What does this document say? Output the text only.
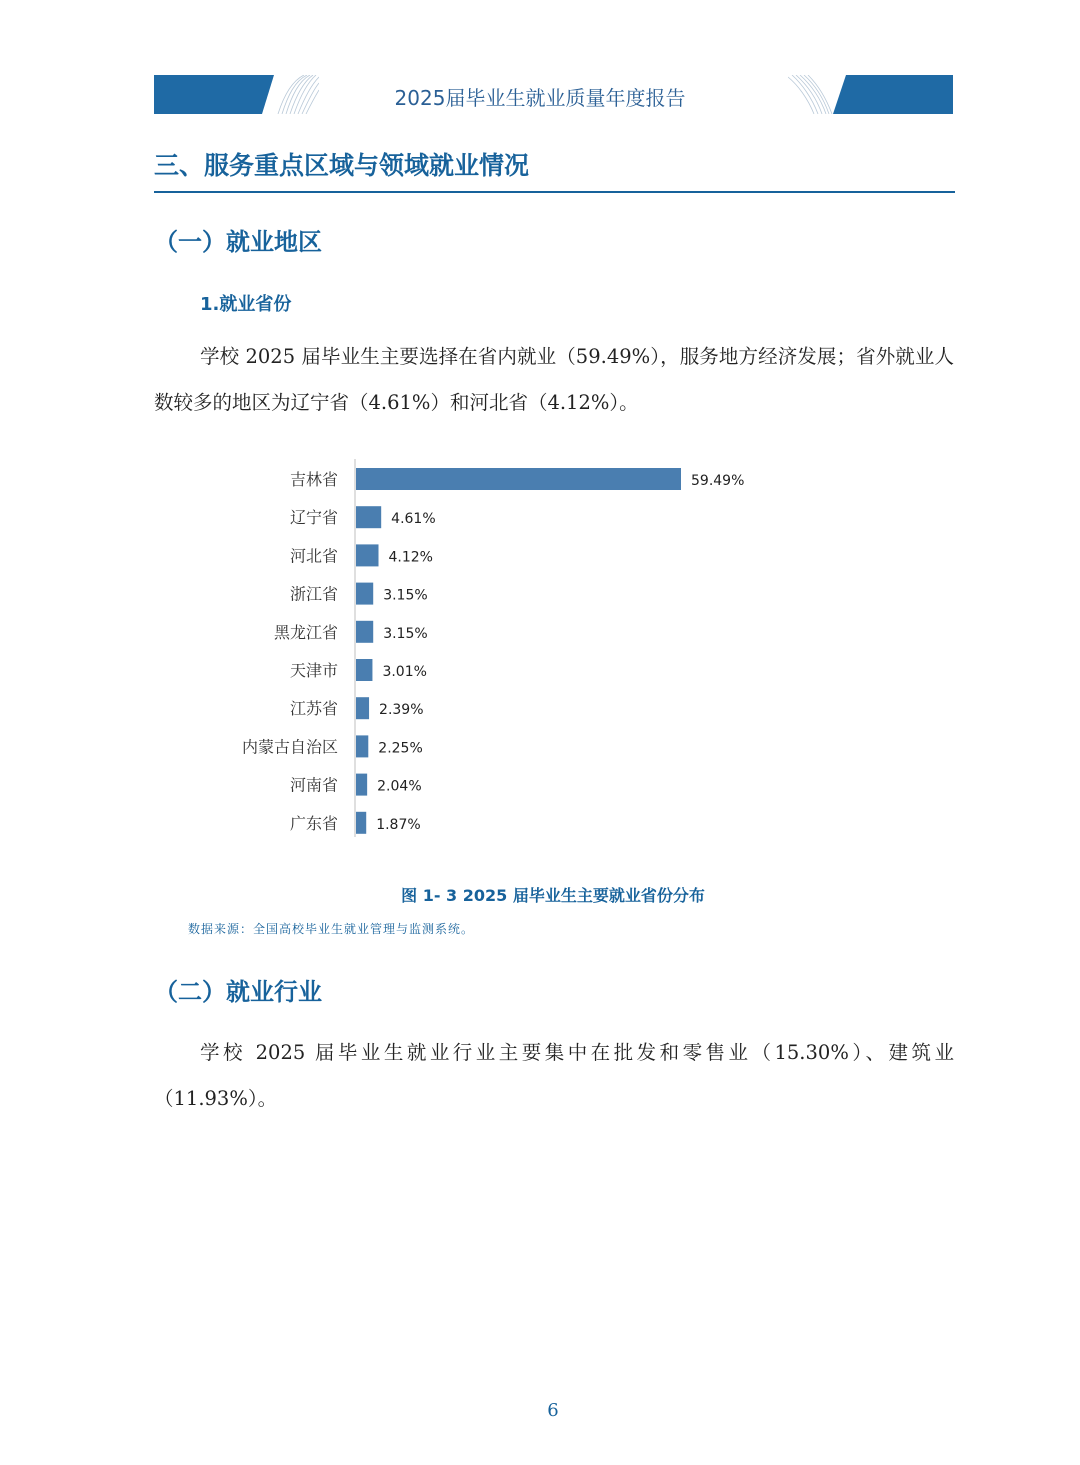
2025届毕业生就业质量年度报告
三、服务重点区域与领域就业情况
（一）就业地区
1.就业省份

学校 2025 届毕业生主要选择在省内就业（59.49%），服务地方经济发展；省外就业人数较多的地区为辽宁省（4.61%）和河北省（4.12%）。

吉林省	59.49%
辽宁省	4.61%
河北省	4.12%
浙江省	3.15%
黑龙江省	3.15%
天津市	3.01%
江苏省	2.39%
内蒙古自治区	2.25%
河南省	2.04%
广东省	1.87%
图 1- 3 2025 届毕业生主要就业省份分布
数据来源：全国高校毕业生就业管理与监测系统。
（二）就业行业

学校 2025 届毕业生就业行业主要集中在批发和零售业（15.30%）、建筑业（11.93%）。

6
